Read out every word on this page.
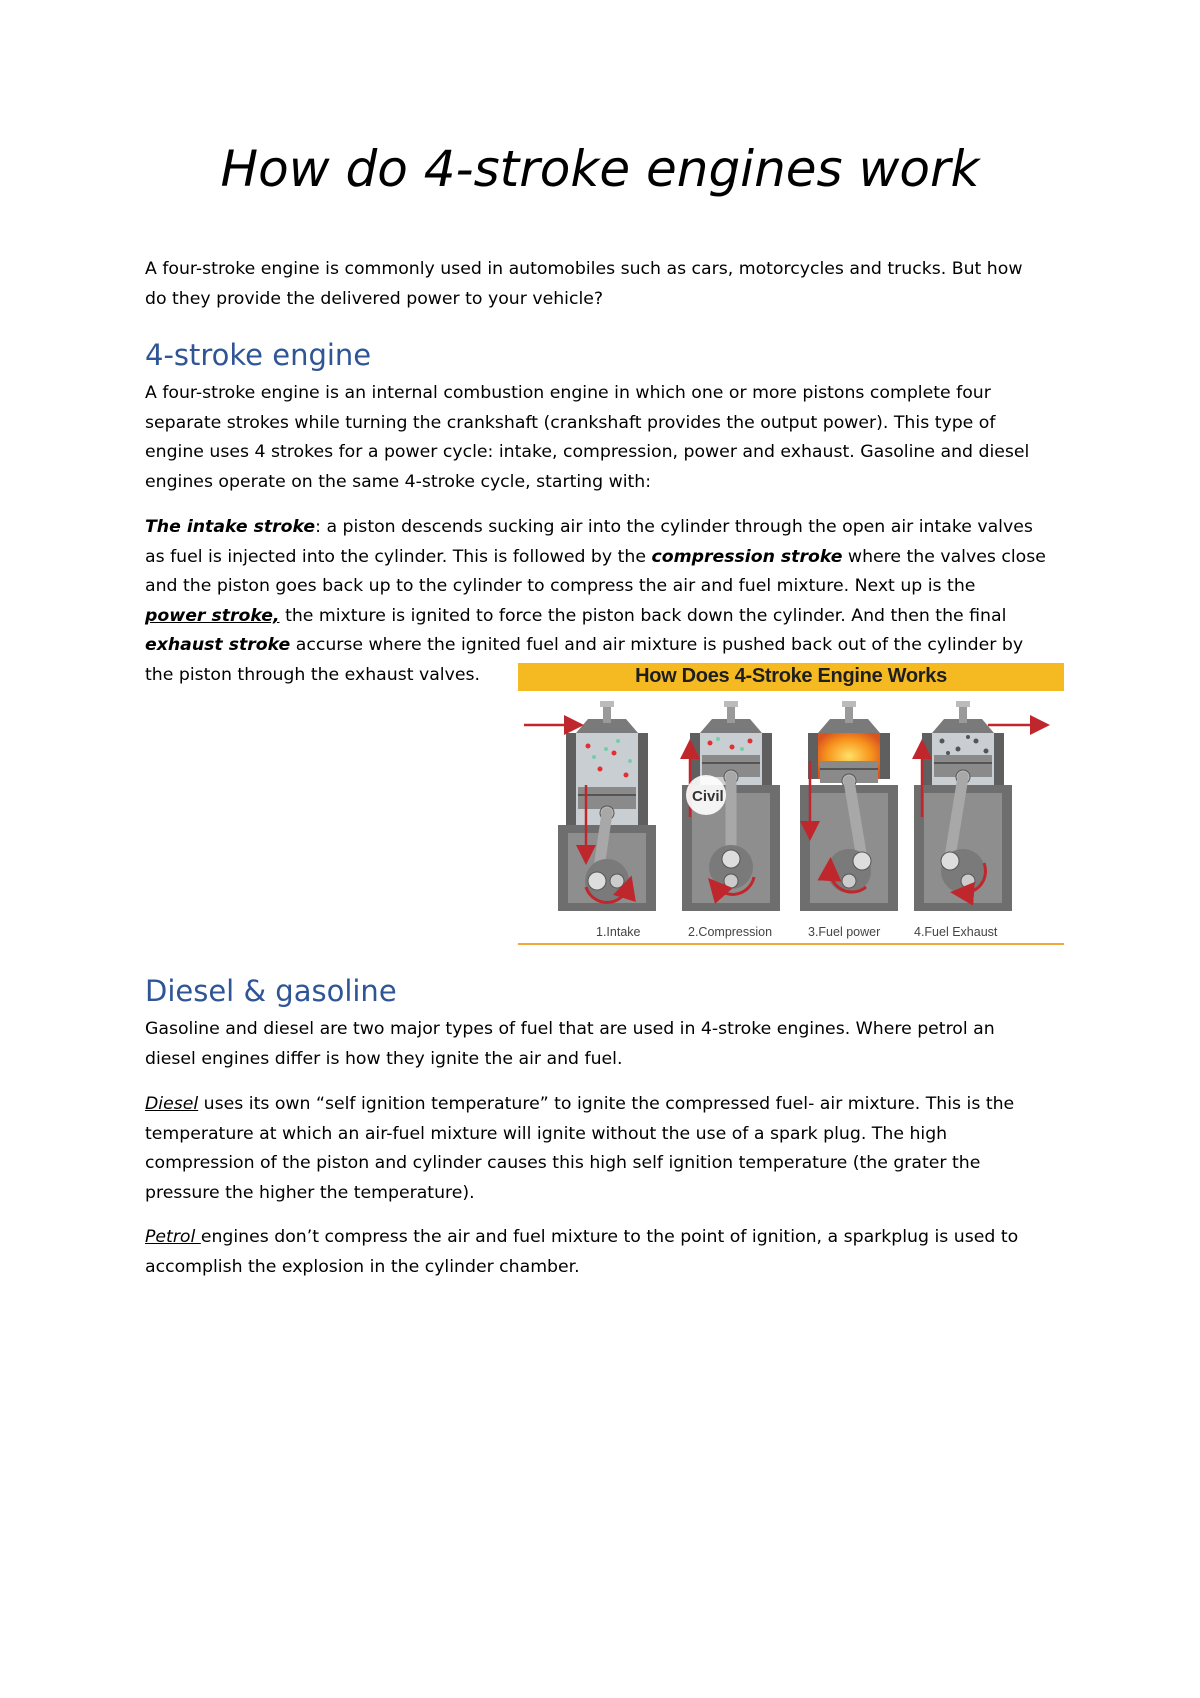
How do 4-stroke engines work

A four-stroke engine is commonly used in automobiles such as cars, motorcycles and trucks. But how
do they provide the delivered power to your vehicle?

4-stroke engine

A four-stroke engine is an internal combustion engine in which one or more pistons complete four
separate strokes while turning the crankshaft (crankshaft provides the output power). This type of
engine uses 4 strokes for a power cycle: intake, compression, power and exhaust. Gasoline and diesel
engines operate on the same 4-stroke cycle, starting with:

The intake stroke: a piston descends sucking air into the cylinder through the open air intake valves
as fuel is injected into the cylinder. This is followed by the compression stroke where the valves close
and the piston goes back up to the cylinder to compress the air and fuel mixture. Next up is the
power stroke, the mixture is ignited to force the piston back down the cylinder. And then the final
exhaust stroke accurse where the ignited fuel and air mixture is pushed back out of the cylinder by
the piston through the exhaust valves.	How Does 4-Stroke Engine Works
Civil
1.Intake	2.Compression	3.Fuel power	4.Fuel Exhaust
Diesel & gasoline

Gasoline and diesel are two major types of fuel that are used in 4-stroke engines. Where petrol an
diesel engines differ is how they ignite the air and fuel.

Diesel uses its own “self ignition temperature” to ignite the compressed fuel- air mixture. This is the
temperature at which an air-fuel mixture will ignite without the use of a spark plug. The high
compression of the piston and cylinder causes this high self ignition temperature (the grater the
pressure the higher the temperature).

Petrol engines don’t compress the air and fuel mixture to the point of ignition, a sparkplug is used to
accomplish the explosion in the cylinder chamber.
